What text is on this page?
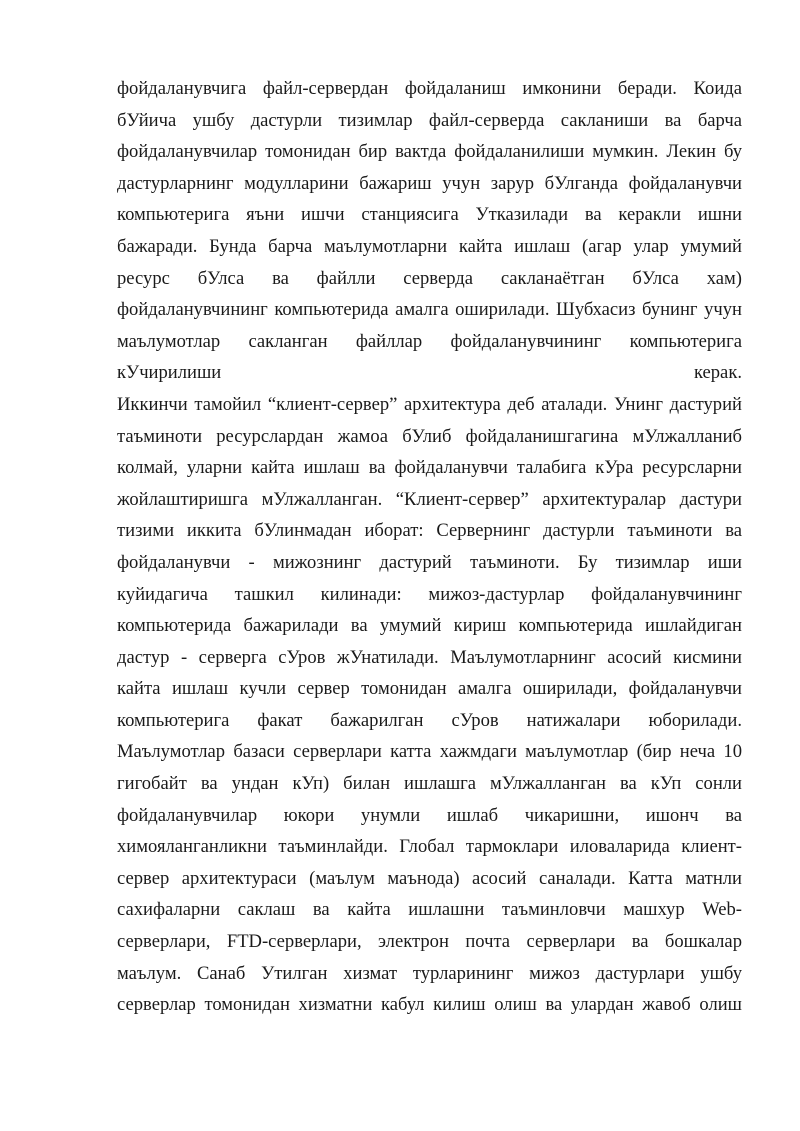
фойдаланувчига файл-сервердан фойдаланиш имконини беради. Коида
бУйича ушбу дастурли тизимлар файл-серверда сакланиши ва барча
фойдаланувчилар томонидан бир вактда фойдаланилиши мумкин. Лекин бу
дастурларнинг модулларини бажариш учун зарур бУлганда фойдаланувчи
компьютерига яъни ишчи станциясига Утказилади ва керакли ишни
бажаради. Бунда барча маълумотларни кайта ишлаш (агар улар умумий
ресурс бУлса ва файлли серверда сакланаётган бУлса хам)
фойдаланувчининг компьютерида амалга оширилади. Шубхасиз бунинг учун
маълумотлар сакланган файллар фойдаланувчининг компьютерига
кУчирилиши керак.
Иккинчи тамойил “клиент-сервер” архитектура деб аталади. Унинг дастурий
таъминоти ресурслардан жамоа бУлиб фойдаланишгагина мУлжалланиб
колмай, уларни кайта ишлаш ва фойдаланувчи талабига кУра ресурсларни
жойлаштиришга мУлжалланган. “Клиент-сервер” архитектуралар дастури
тизими иккита бУлинмадан иборат: Сервернинг дастурли таъминоти ва
фойдаланувчи - мижознинг дастурий таъминоти. Бу тизимлар иши
куйидагича ташкил килинади: мижоз-дастурлар фойдаланувчининг
компьютерида бажарилади ва умумий кириш компьютерида ишлайдиган
дастур - серверга сУров жУнатилади. Маълумотларнинг асосий кисмини
кайта ишлаш кучли сервер томонидан амалга оширилади, фойдаланувчи
компьютерига факат бажарилган сУров натижалари юборилади.
Маълумотлар базаси серверлари катта хажмдаги маълумотлар (бир неча 10
гигобайт ва ундан кУп) билан ишлашга мУлжалланган ва кУп сонли
фойдаланувчилар юкори унумли ишлаб чикаришни, ишонч ва
химояланганликни таъминлайди. Глобал тармоклари иловаларида клиент-
сервер архитектураси (маълум маънода) асосий саналади. Катта матнли
сахифаларни саклаш ва кайта ишлашни таъминловчи машхур Web-
серверлари, FTD-серверлари, электрон почта серверлари ва бошкалар
маълум. Санаб Утилган хизмат турларининг мижоз дастурлари ушбу
серверлар томонидан хизматни кабул килиш олиш ва улардан жавоб олиш
